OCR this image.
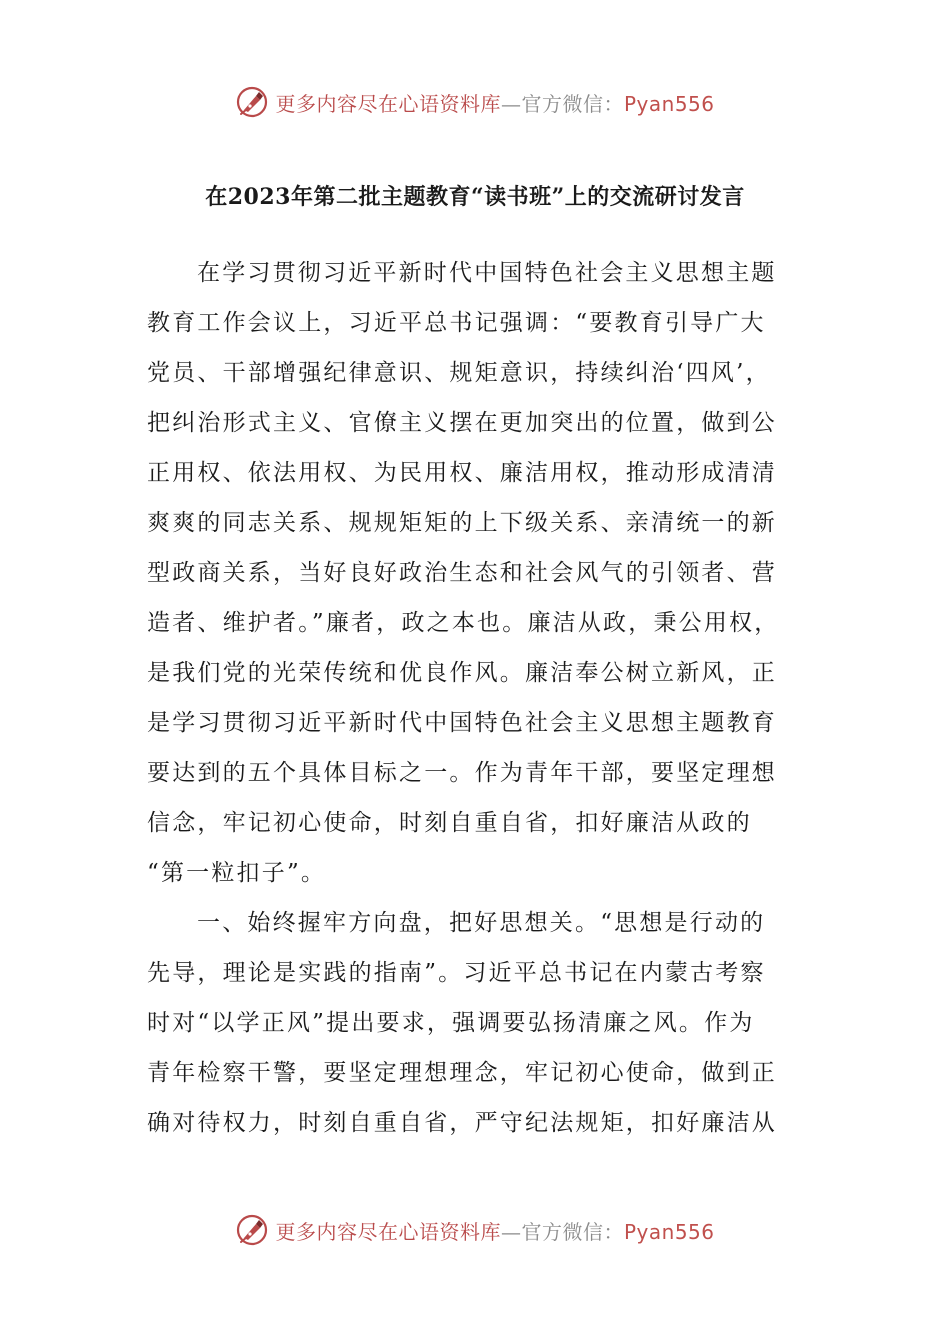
更多内容尽在心语资料库—官方微信：Pyan556
在2023年第二批主题教育“读书班”上的交流研讨发言
在学习贯彻习近平新时代中国特色社会主义思想主题
教育工作会议上，习近平总书记强调：“要教育引导广大
党员、干部增强纪律意识、规矩意识，持续纠治‘四风’，
把纠治形式主义、官僚主义摆在更加突出的位置，做到公
正用权、依法用权、为民用权、廉洁用权，推动形成清清
爽爽的同志关系、规规矩矩的上下级关系、亲清统一的新
型政商关系，当好良好政治生态和社会风气的引领者、营
造者、维护者。”廉者，政之本也。廉洁从政，秉公用权，
是我们党的光荣传统和优良作风。廉洁奉公树立新风，正
是学习贯彻习近平新时代中国特色社会主义思想主题教育
要达到的五个具体目标之一。作为青年干部，要坚定理想
信念，牢记初心使命，时刻自重自省，扣好廉洁从政的
“第一粒扣子”。
一、始终握牢方向盘，把好思想关。“思想是行动的
先导，理论是实践的指南”。习近平总书记在内蒙古考察
时对“以学正风”提出要求，强调要弘扬清廉之风。作为
青年检察干警，要坚定理想理念，牢记初心使命，做到正
确对待权力，时刻自重自省，严守纪法规矩，扣好廉洁从
更多内容尽在心语资料库—官方微信：Pyan556
